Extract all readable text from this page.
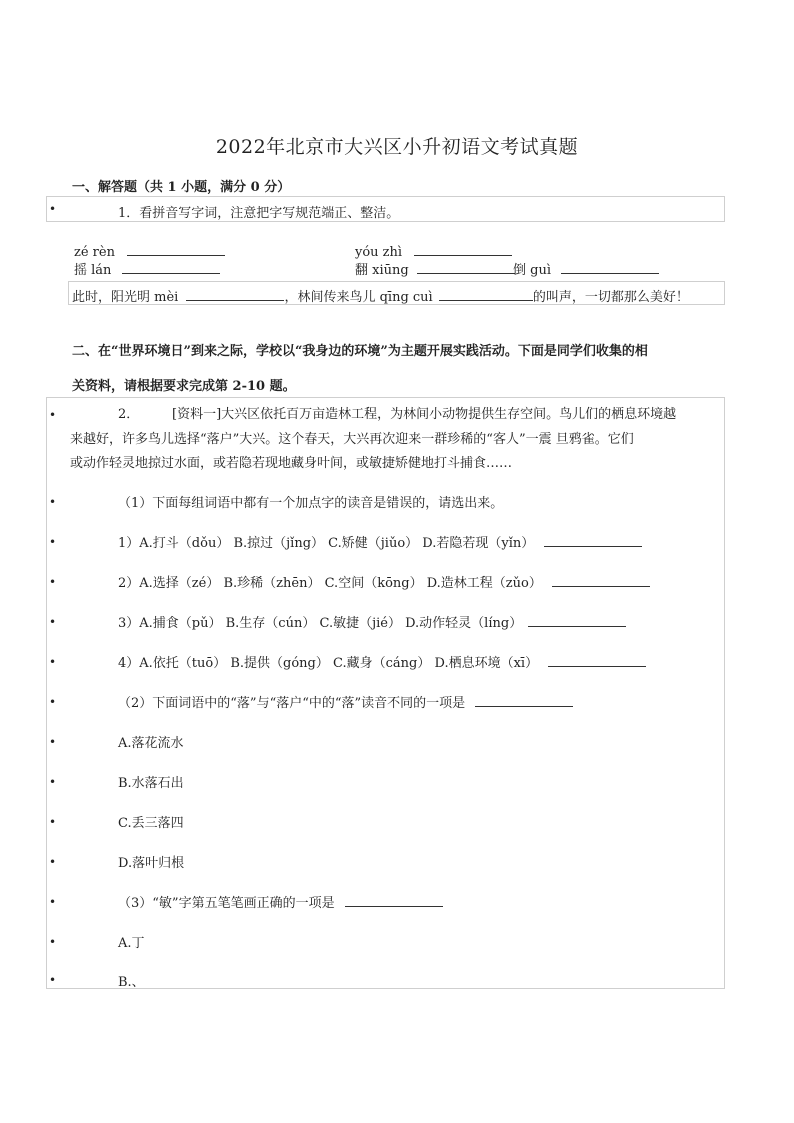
2022年北京市大兴区小升初语文考试真题
一、解答题（共 1 小题，满分 0 分）
•	1．看拼音写字词，注意把字写规范端正、整洁。
zé rèn	yóu zhì
摇 lán	翻 xiūng	倒 guì
此时，阳光明 mèi	，林间传来鸟儿 qīng cuì	的叫声，一切都那么美好！
二、在“世界环境日”到来之际，学校以“我身边的环境”为主题开展实践活动。下面是同学们收集的相
关资料，请根据要求完成第 2-10 题。
•	2．	[资料一]大兴区依托百万亩造林工程，为林间小动物提供生存空间。鸟儿们的栖息环境越
来越好，许多鸟儿选择“落户”大兴。这个春天，大兴再次迎来一群珍稀的“客人”一震 旦鸦雀。它们
或动作轻灵地掠过水面，或若隐若现地藏身叶间，或敏捷矫健地打斗捕食……
•	（1）下面每组词语中都有一个加点字的读音是错误的，请选出来。
•	1）A.打斗（dǒu） B.掠过（jǐng） C.矫健（jiǔo） D.若隐若现（yǐn）
•	2）A.选择（zé） B.珍稀（zhēn） C.空间（kōng） D.造林工程（zǔo）
•	3）A.捕食（pǔ） B.生存（cún） C.敏捷（jié） D.动作轻灵（líng）
•	4）A.依托（tuō） B.提供（góng） C.藏身（cáng） D.栖息环境（xī）
•	（2）下面词语中的“落”与“落户“中的“落”读音不同的一项是
•	A.落花流水
•	B.水落石出
•	C.丢三落四
•	D.落叶归根
•	（3）“敏”字第五笔笔画正确的一项是
•	A.丁
•	B.、
